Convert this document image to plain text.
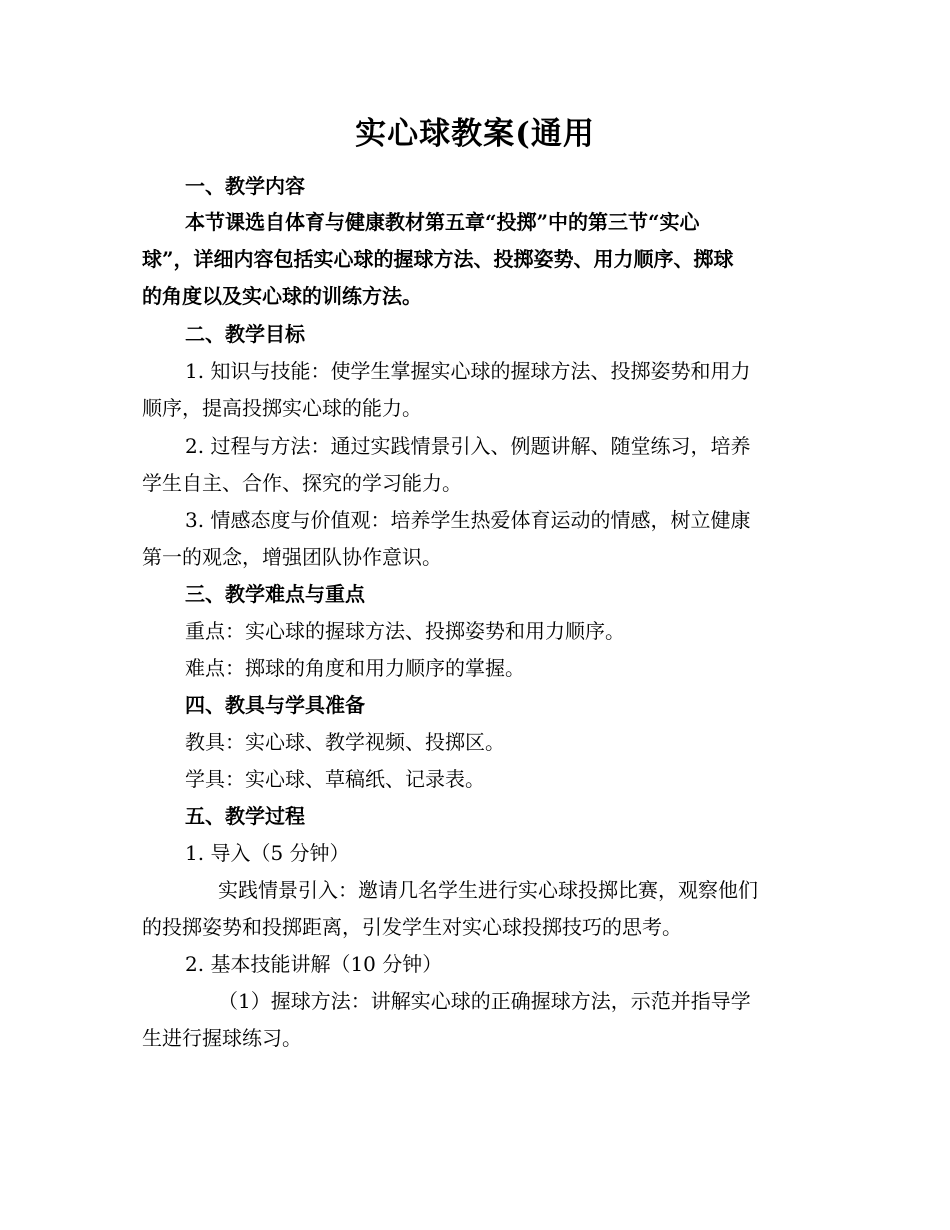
实心球教案(通用
一、教学内容
本节课选自体育与健康教材第五章“投掷”中的第三节“实心
球”，详细内容包括实心球的握球方法、投掷姿势、用力顺序、掷球
的角度以及实心球的训练方法。
二、教学目标
1. 知识与技能：使学生掌握实心球的握球方法、投掷姿势和用力
顺序，提高投掷实心球的能力。
2. 过程与方法：通过实践情景引入、例题讲解、随堂练习，培养
学生自主、合作、探究的学习能力。
3. 情感态度与价值观：培养学生热爱体育运动的情感，树立健康
第一的观念，增强团队协作意识。
三、教学难点与重点
重点：实心球的握球方法、投掷姿势和用力顺序。
难点：掷球的角度和用力顺序的掌握。
四、教具与学具准备
教具：实心球、教学视频、投掷区。
学具：实心球、草稿纸、记录表。
五、教学过程
1. 导入（5 分钟）
实践情景引入：邀请几名学生进行实心球投掷比赛，观察他们
的投掷姿势和投掷距离，引发学生对实心球投掷技巧的思考。
2. 基本技能讲解（10 分钟）
（1）握球方法：讲解实心球的正确握球方法，示范并指导学
生进行握球练习。
